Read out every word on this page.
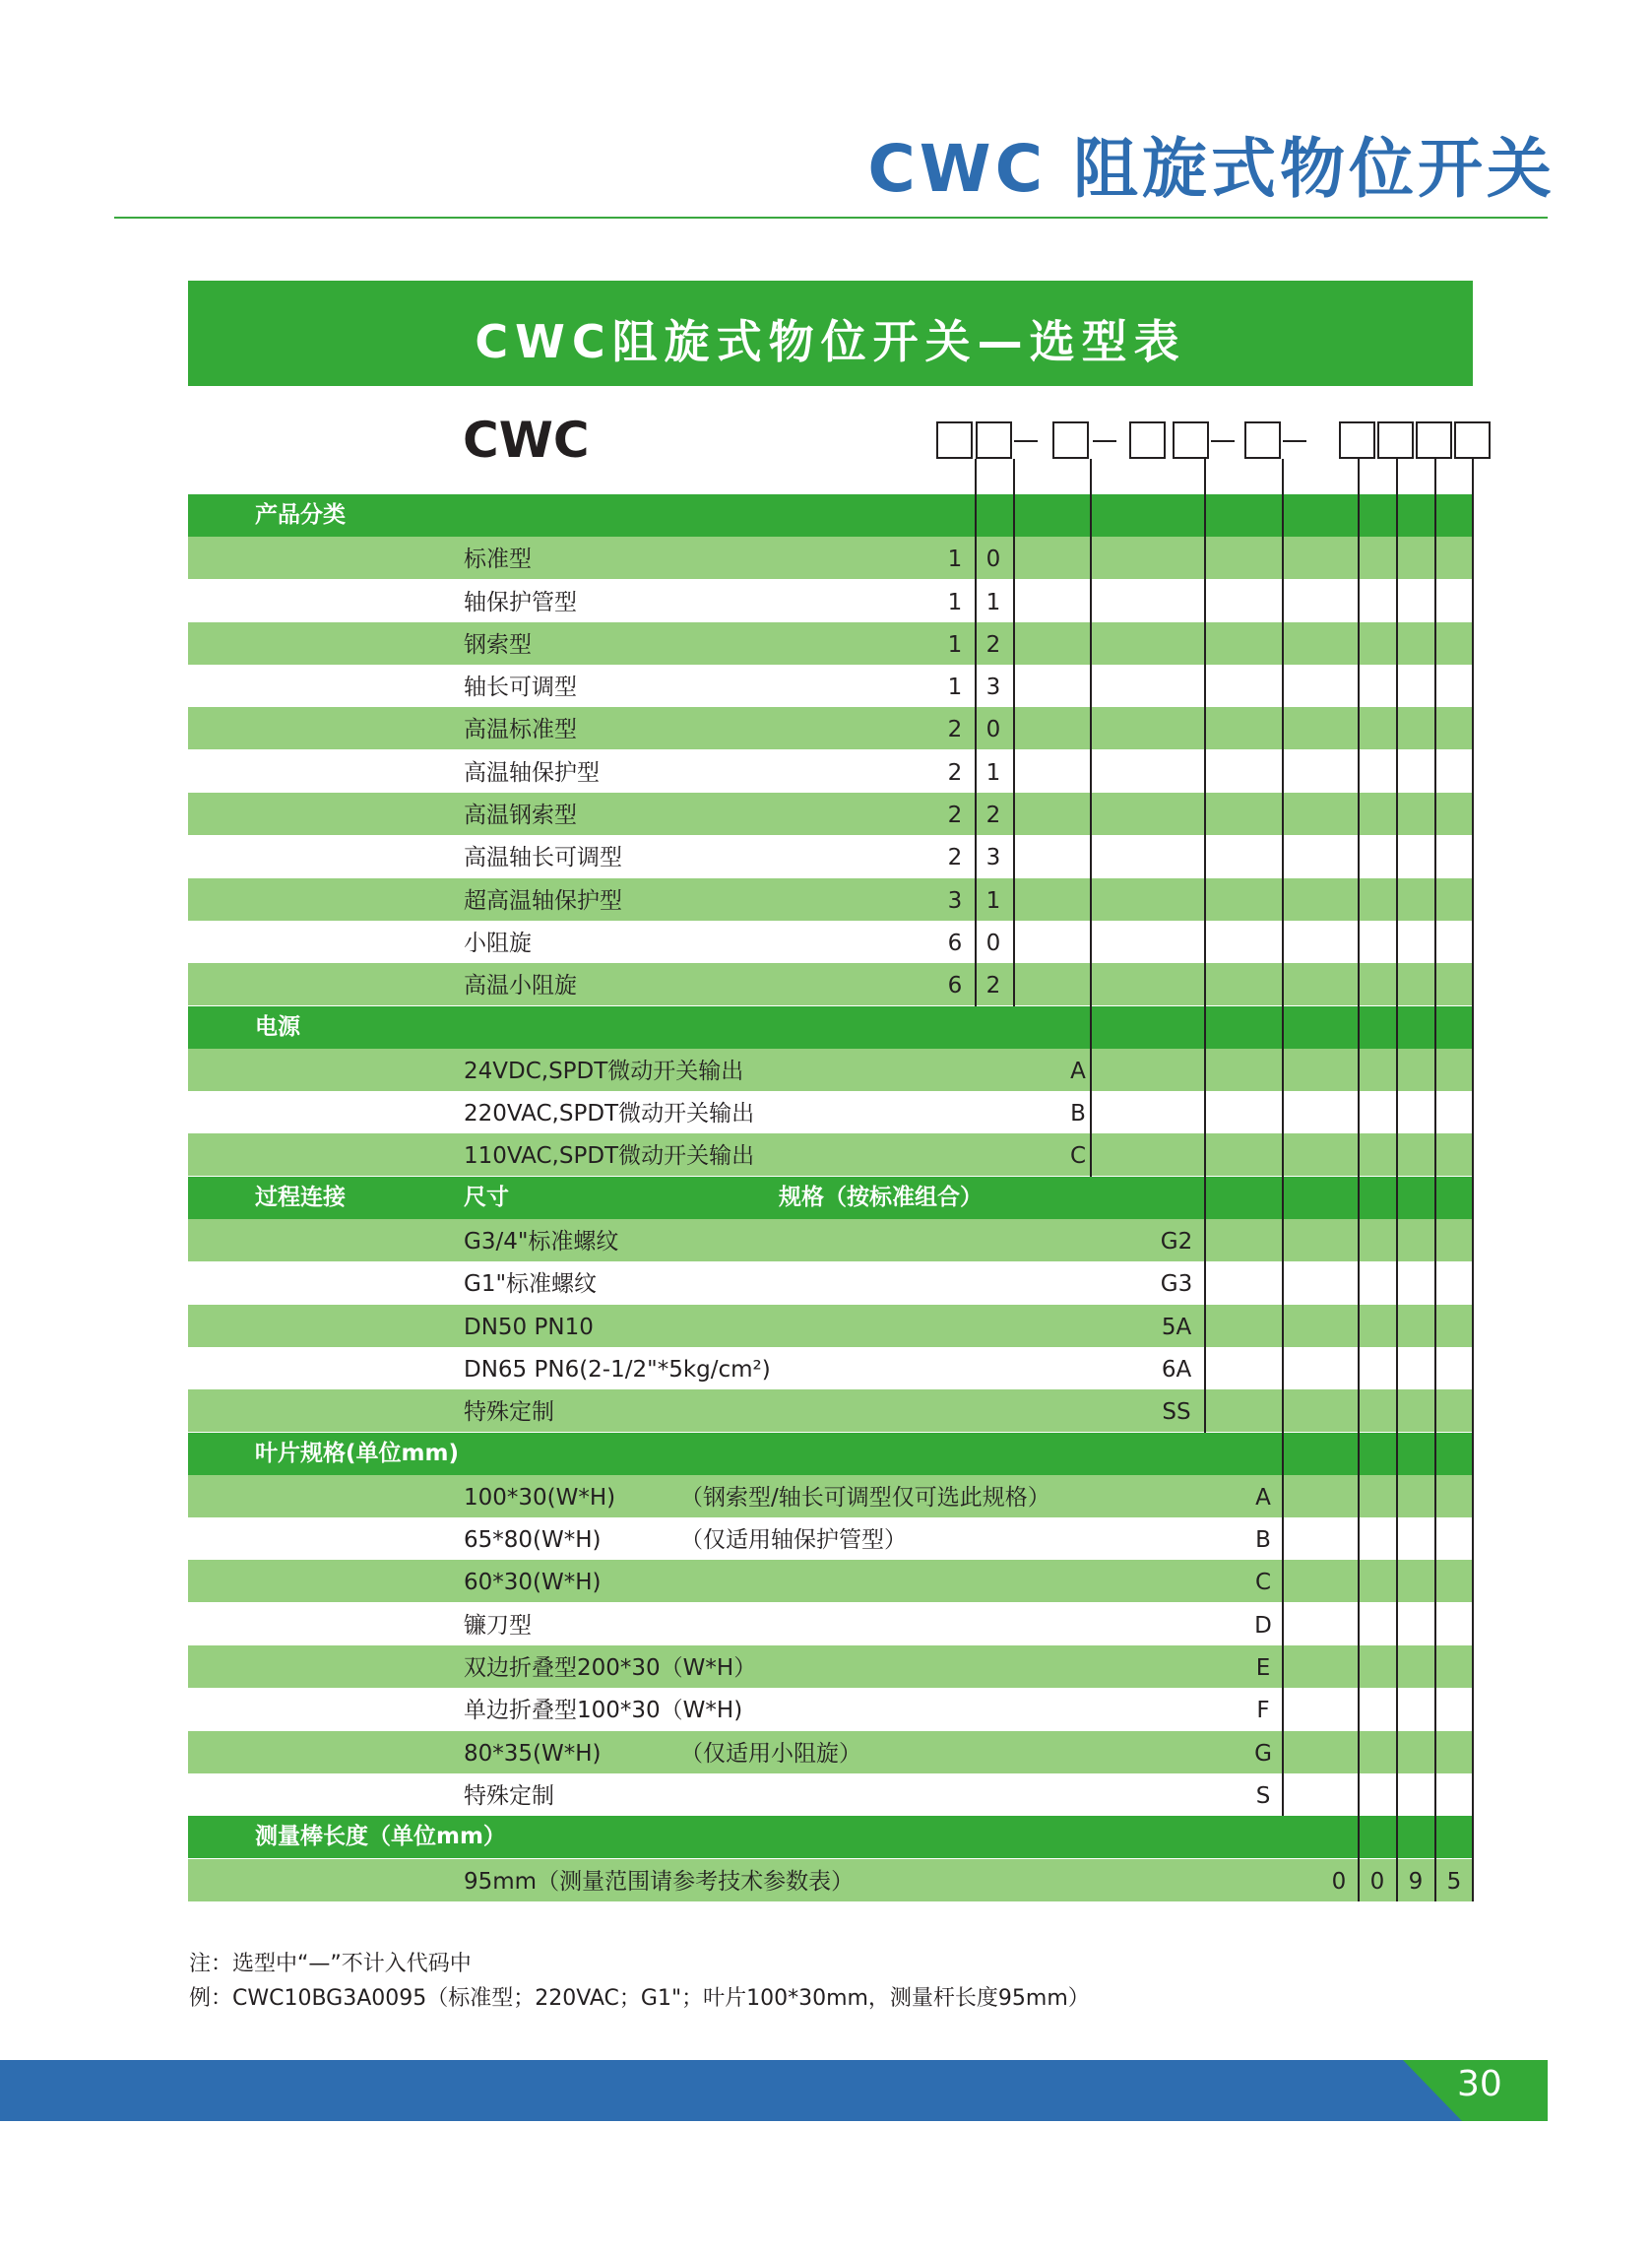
CWC 阻旋式物位开关
CWC阻旋式物位开关—选型表
CWC
产品分类
标准型	1	0
轴保护管型	1	1
钢索型	1	2
轴长可调型	1	3
高温标准型	2	0
高温轴保护型	2	1
高温钢索型	2	2
高温轴长可调型	2	3
超高温轴保护型	3	1
小阻旋	6	0
高温小阻旋	6	2
电源
24VDC,SPDT微动开关输出	A
220VAC,SPDT微动开关输出	B
110VAC,SPDT微动开关输出	C
过程连接	尺寸	规格（按标准组合）
G3/4"标准螺纹	G2
G1"标准螺纹	G3
DN50 PN10	5A
DN65 PN6(2-1/2"*5kg/cm²)	6A
特殊定制	SS
叶片规格(单位mm)
100*30(W*H)	（钢索型/轴长可调型仅可选此规格）	A
65*80(W*H)	（仅适用轴保护管型）	B
60*30(W*H)	C
镰刀型	D
双边折叠型200*30（W*H）	E
单边折叠型100*30（W*H)	F
80*35(W*H)	（仅适用小阻旋）	G
特殊定制	S
测量棒长度（单位mm）
95mm（测量范围请参考技术参数表）	0	0	9	5
注：选型中“—”不计入代码中
例：CWC10BG3A0095（标准型；220VAC；G1"；叶片100*30mm，测量杆长度95mm）
30
